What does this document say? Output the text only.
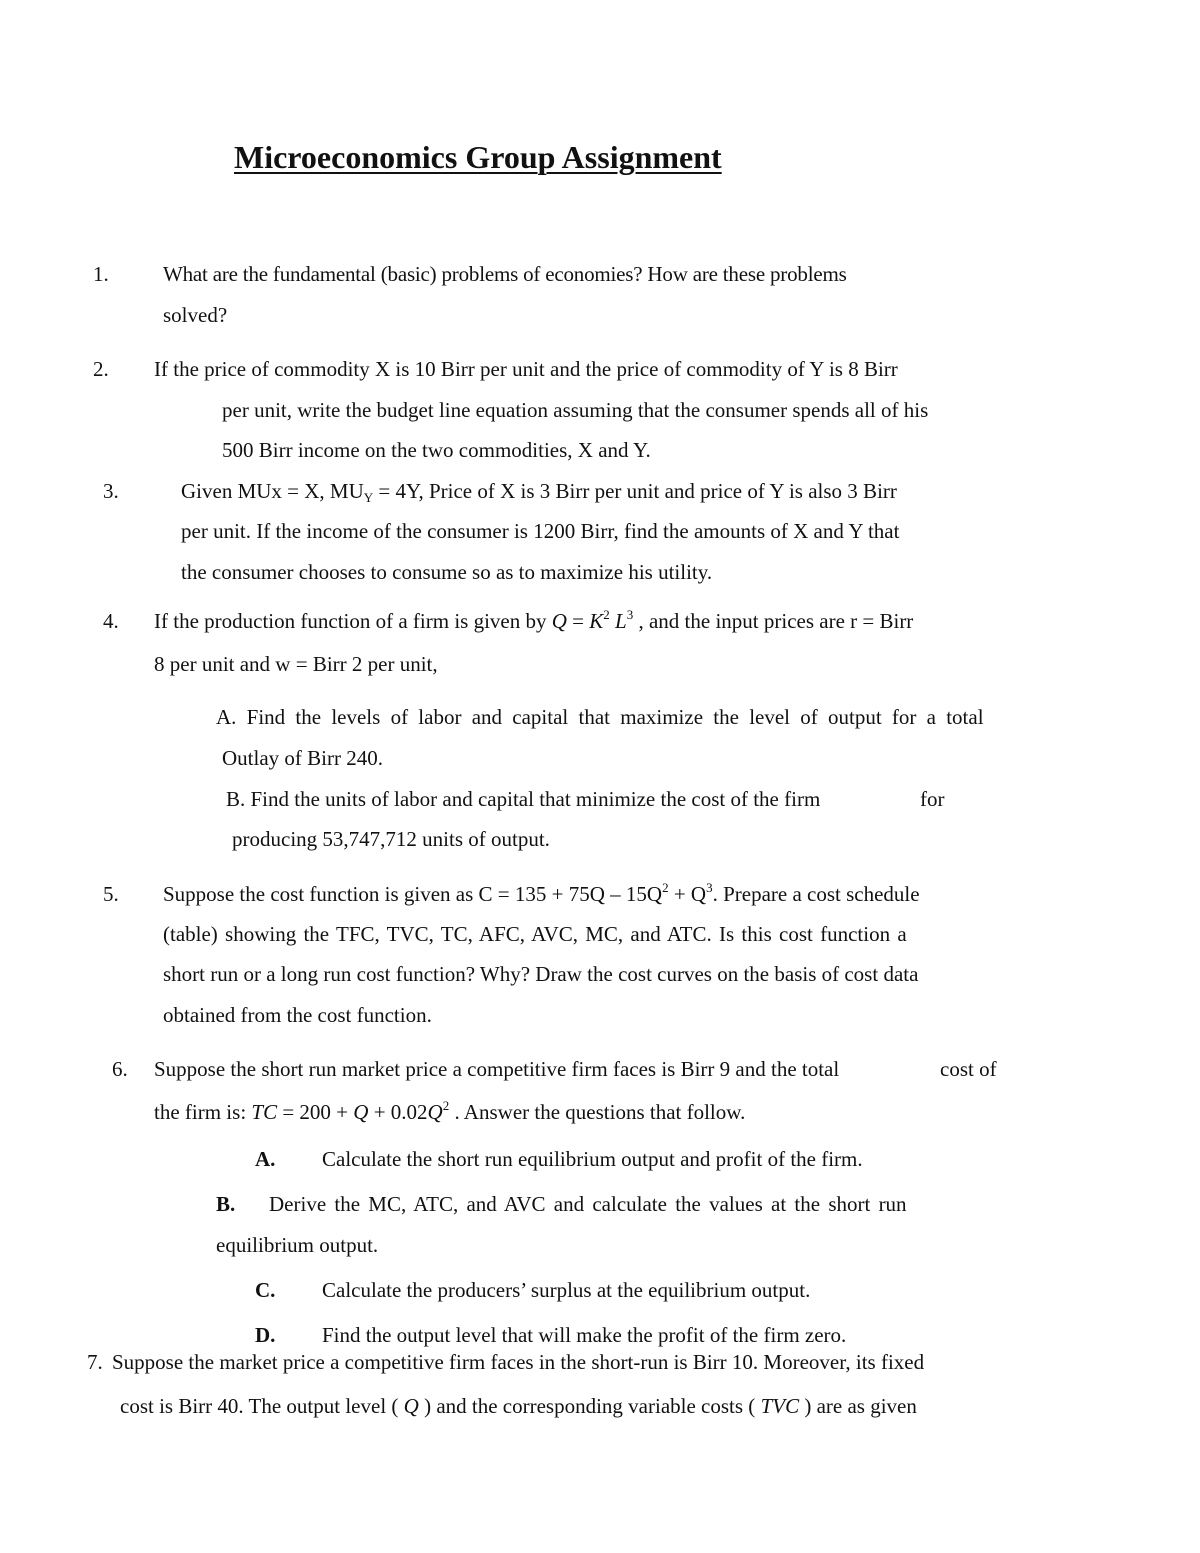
Microeconomics Group Assignment
1.	What are the fundamental (basic) problems of economies? How are these problems
solved?
2. If the price of commodity X is 10 Birr per unit and the price of commodity of Y is 8 Birr
per unit, write the budget line equation assuming that the consumer spends all of his
500 Birr income on the two commodities, X and Y.
3.	Given MUx = X, $MU_Y = 4Y$, Price of X is 3 Birr per unit and price of Y is also 3 Birr
per unit. If the income of the consumer is 1200 Birr, find the amounts of X and Y that
the consumer chooses to consume so as to maximize his utility.
4. If the production function of a firm is given by $Q = K^2$ $L^3$ , and the input prices are r = Birr
8 per unit and w = Birr 2 per unit,
A. Find the levels of labor and capital that maximize the level of output for a total
Outlay of Birr 240.
B. Find the units of labor and capital that minimize the cost of the firm	for
producing 53,747,712 units of output.
5. Suppose the cost function is given as $C = 135 + 75Q - 15Q^2 + Q^3$. Prepare a cost schedule
(table) showing the TFC, TVC, TC, AFC, AVC, MC, and ATC. Is this cost function a
short run or a long run cost function? Why? Draw the cost curves on the basis of cost data
obtained from the cost function.
6. Suppose the short run market price a competitive firm faces is Birr 9 and the total	cost of
the firm is: TC = $200 + Q + 0.02Q^2$ . Answer the questions that follow.
A. Calculate the short run equilibrium output and profit of the firm.
B. Derive the MC, ATC, and AVC and calculate the values at the short run
equilibrium output.
C. Calculate the producers’ surplus at the equilibrium output.
D. Find the output level that will make the profit of the firm zero.
7. Suppose the market price a competitive firm faces in the short-run is Birr 10. Moreover, its fixed
cost is Birr 40. The output level ( Q ) and the corresponding variable costs ( TVC ) are as given
